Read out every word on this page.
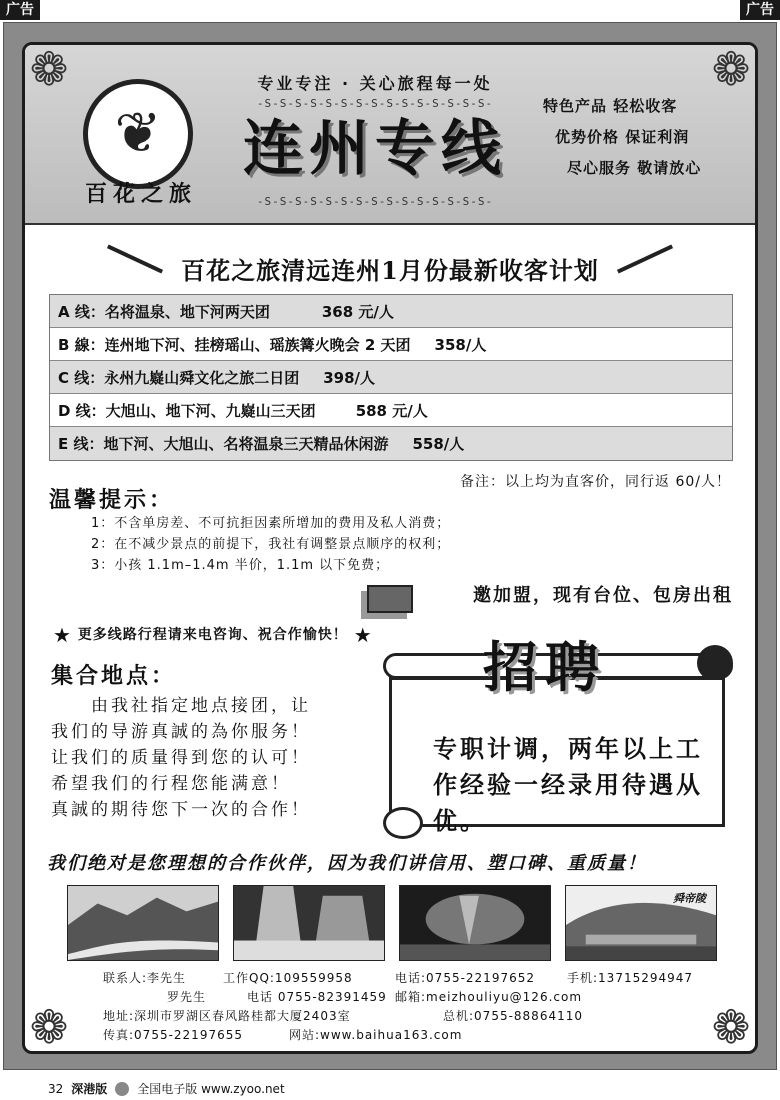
广告	广告
❁	❁
❁	❁
❦
百花之旅
专业专注 · 关心旅程每一处
-S-S-S-S-S-S-S-S-S-S-S-S-S-S-S-
连州专线
-S-S-S-S-S-S-S-S-S-S-S-S-S-S-S-
特色产品 轻松收客
优势价格 保证利润
尽心服务 敬请放心
百花之旅清远连州1月份最新收客计划
A 线：名将温泉、地下河两天团	368 元/人
B 線：连州地下河、挂榜瑶山、瑶族篝火晚会 2 天团 358/人
C 线：永州九嶷山舜文化之旅二日团 398/人
D 线：大旭山、地下河、九嶷山三天团	588 元/人
E 线：地下河、大旭山、名将温泉三天精品休闲游 558/人
备注：以上均为直客价，同行返 60/人！
温馨提示：
1：不含单房差、不可抗拒因素所增加的费用及私人消费；
2：在不减少景点的前提下，我社有调整景点顺序的权利；
3：小孩 1.1m–1.4m 半价，1.1m 以下免费；
邀加盟，现有台位、包房出租
★ 更多线路行程请来电咨询、祝合作愉快！ ★
集合地点：
由我社指定地点接团，让
我们的导游真誠的為你服务！
让我们的质量得到您的认可！
希望我们的行程您能满意！
真誠的期待您下一次的合作！
招聘
专职计调，两年以上工作经验一经录用待遇从优。
我们绝对是您理想的合作伙伴，因为我们讲信用、塑口碑、重质量！
舜帝陵
联系人:李先生	工作QQ:109559958	电话:0755-22197652	手机:13715294947
罗先生	电话 0755-82391459 邮箱:meizhouliyu@126.com
地址:深圳市罗湖区春风路桂都大厦2403室	总机:0755-88864110
传真:0755-22197655	网站:www.baihua163.com
32 深港版	全国电子版 www.zyoo.net
